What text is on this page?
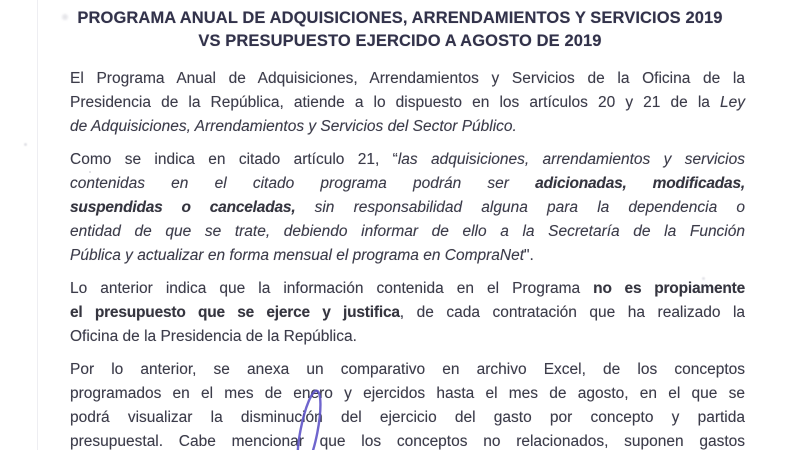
PROGRAMA ANUAL DE ADQUISICIONES, ARRENDAMIENTOS Y SERVICIOS 2019
VS PRESUPUESTO EJERCIDO A AGOSTO DE 2019
El Programa Anual de Adquisiciones, Arrendamientos y Servicios de la Oficina de la
Presidencia de la República, atiende a lo dispuesto en los artículos 20 y 21 de la Ley
de Adquisiciones, Arrendamientos y Servicios del Sector Público.
Como se indica en citado artículo 21, “las adquisiciones, arrendamientos y servicios
contenidas en el citado programa podrán ser adicionadas, modificadas,
suspendidas o canceladas, sin responsabilidad alguna para la dependencia o
entidad de que se trate, debiendo informar de ello a la Secretaría de la Función
Pública y actualizar en forma mensual el programa en CompraNet".
Lo anterior indica que la información contenida en el Programa no es propiamente
el presupuesto que se ejerce y justifica, de cada contratación que ha realizado la
Oficina de la Presidencia de la República.
Por lo anterior, se anexa un comparativo en archivo Excel, de los conceptos
programados en el mes de enero y ejercidos hasta el mes de agosto, en el que se
podrá visualizar la disminución del ejercicio del gasto por concepto y partida
presupuestal. Cabe mencionar que los conceptos no relacionados, suponen gastos
